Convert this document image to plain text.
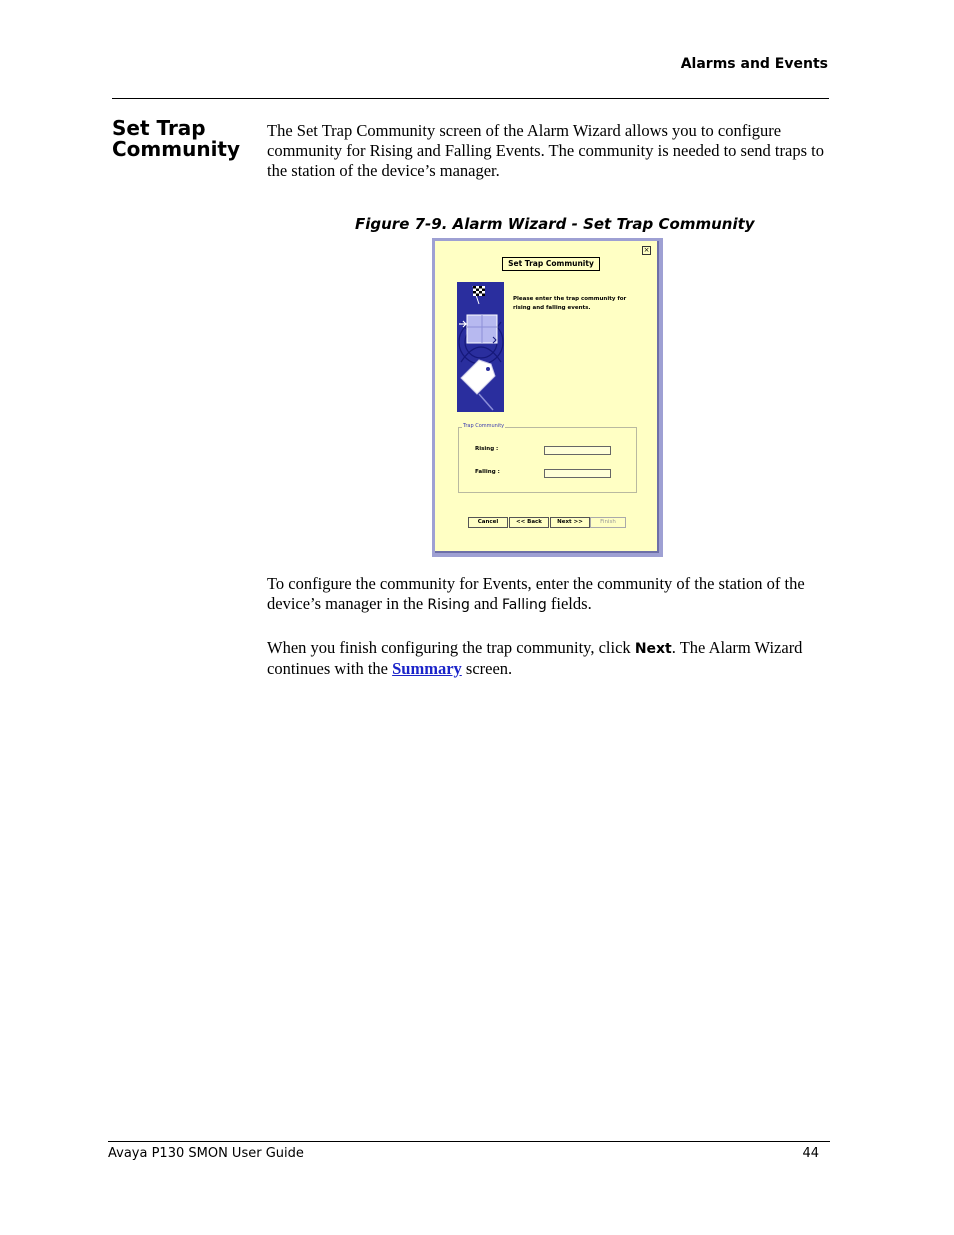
Alarms and Events
Set Trap
Community
The Set Trap Community screen of the Alarm Wizard allows you to configure community for Rising and Falling Events. The community is needed to send traps to the station of the device’s manager.
Figure 7-9. Alarm Wizard - Set Trap Community
×
Set Trap Community
Please enter the trap community for rising and falling events.
Trap Community
Rising :
Falling :
Cancel	<< Back	Next >>	Finish
To configure the community for Events, enter the community of the station of the device’s manager in the Rising and Falling fields.
When you finish configuring the trap community, click Next. The Alarm Wizard continues with the Summary screen.
Avaya P130 SMON User Guide	44
